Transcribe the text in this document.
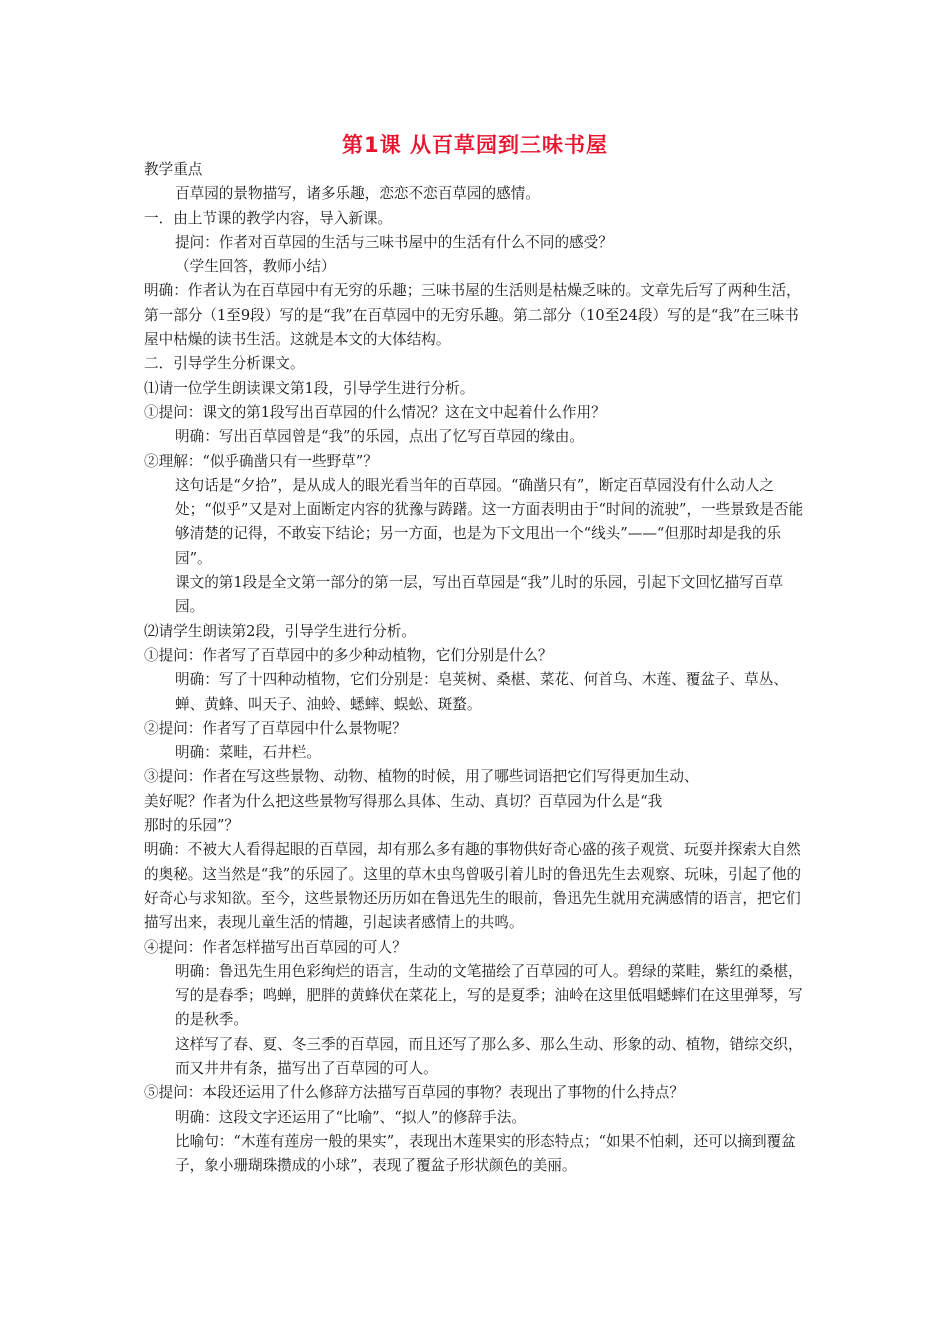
第1课 从百草园到三味书屋

教学重点

百草园的景物描写，诸多乐趣，恋恋不恋百草园的感情。

一．由上节课的教学内容，导入新课。

提问：作者对百草园的生活与三味书屋中的生活有什么不同的感受？

（学生回答，教师小结）

明确：作者认为在百草园中有无穷的乐趣；三味书屋的生活则是枯燥乏味的。文章先后写了两种生活，第一部分（1至9段）写的是“我”在百草园中的无穷乐趣。第二部分（10至24段）写的是“我”在三味书屋中枯燥的读书生活。这就是本文的大体结构。

二．引导学生分析课文。

⑴请一位学生朗读课文第1段，引导学生进行分析。

①提问：课文的第1段写出百草园的什么情况？这在文中起着什么作用？

明确：写出百草园曾是“我”的乐园，点出了忆写百草园的缘由。

②理解：“似乎确凿只有一些野草”？

这句话是“夕拾”，是从成人的眼光看当年的百草园。“确凿只有”，断定百草园没有什么动人之处；“似乎”又是对上面断定内容的犹豫与踌躇。这一方面表明由于“时间的流驶”，一些景致是否能够清楚的记得，不敢妄下结论；另一方面，也是为下文甩出一个“线头”——“但那时却是我的乐园”。

课文的第1段是全文第一部分的第一层，写出百草园是“我”儿时的乐园，引起下文回忆描写百草园。

⑵请学生朗读第2段，引导学生进行分析。

①提问：作者写了百草园中的多少种动植物，它们分别是什么？

明确：写了十四种动植物，它们分别是：皂荚树、桑椹、菜花、何首乌、木莲、覆盆子、草丛、蝉、黄蜂、叫天子、油蛉、蟋蟀、蜈蚣、斑蝥。

②提问：作者写了百草园中什么景物呢？

明确：菜畦，石井栏。

③提问：作者在写这些景物、动物、植物的时候，用了哪些词语把它们写得更加生动、

美好呢？作者为什么把这些景物写得那么具体、生动、真切？百草园为什么是“我

那时的乐园”？

明确：不被大人看得起眼的百草园，却有那么多有趣的事物供好奇心盛的孩子观赏、玩耍并探索大自然的奥秘。这当然是“我”的乐园了。这里的草木虫鸟曾吸引着儿时的鲁迅先生去观察、玩味，引起了他的好奇心与求知欲。至今，这些景物还历历如在鲁迅先生的眼前，鲁迅先生就用充满感情的语言，把它们描写出来，表现儿童生活的情趣，引起读者感情上的共鸣。

④提问：作者怎样描写出百草园的可人？

明确：鲁迅先生用色彩绚烂的语言，生动的文笔描绘了百草园的可人。碧绿的菜畦，紫红的桑椹，写的是春季；鸣蝉，肥胖的黄蜂伏在菜花上，写的是夏季；油岭在这里低唱蟋蟀们在这里弹琴，写的是秋季。

这样写了春、夏、冬三季的百草园，而且还写了那么多、那么生动、形象的动、植物，错综交织，而又井井有条，描写出了百草园的可人。

⑤提问：本段还运用了什么修辞方法描写百草园的事物？表现出了事物的什么持点？

明确：这段文字还运用了“比喻”、“拟人”的修辞手法。

比喻句：“木莲有莲房一般的果实”，表现出木莲果实的形态特点；“如果不怕刺，还可以摘到覆盆子，象小珊瑚珠攒成的小球”，表现了覆盆子形状颜色的美丽。
